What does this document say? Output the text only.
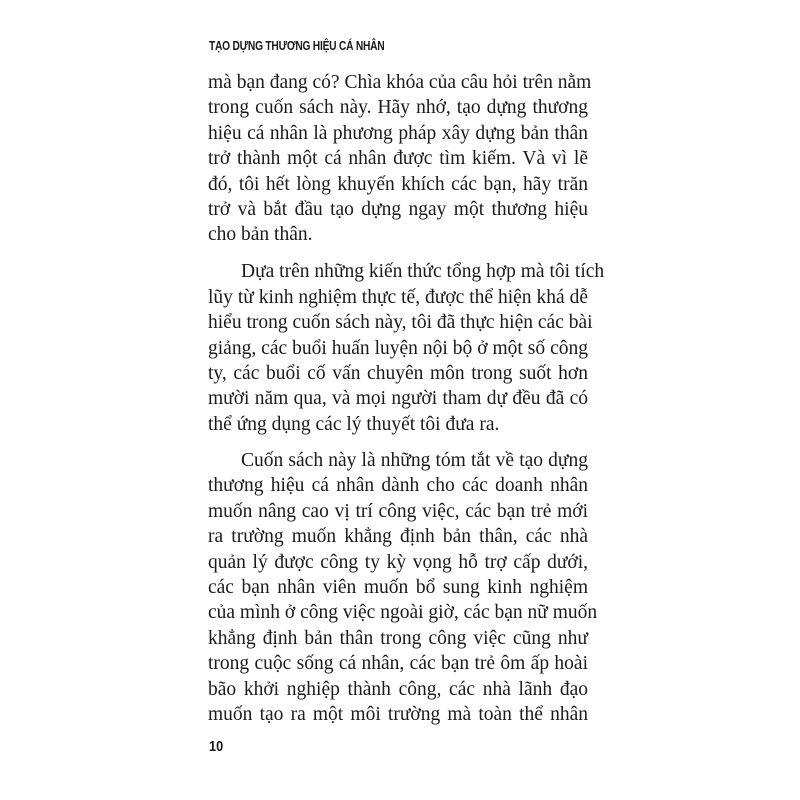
TẠO DỰNG THƯƠNG HIỆU CÁ NHÂN
mà bạn đang có? Chìa khóa của câu hỏi trên nằm
trong cuốn sách này. Hãy nhớ, tạo dựng thương
hiệu cá nhân là phương pháp xây dựng bản thân
trở thành một cá nhân được tìm kiếm. Và vì lẽ
đó, tôi hết lòng khuyến khích các bạn, hãy trăn
trở và bắt đầu tạo dựng ngay một thương hiệu
cho bản thân.
Dựa trên những kiến thức tổng hợp mà tôi tích
lũy từ kinh nghiệm thực tế, được thể hiện khá dễ
hiểu trong cuốn sách này, tôi đã thực hiện các bài
giảng, các buổi huấn luyện nội bộ ở một số công
ty, các buổi cố vấn chuyên môn trong suốt hơn
mười năm qua, và mọi người tham dự đều đã có
thể ứng dụng các lý thuyết tôi đưa ra.
Cuốn sách này là những tóm tắt về tạo dựng
thương hiệu cá nhân dành cho các doanh nhân
muốn nâng cao vị trí công việc, các bạn trẻ mới
ra trường muốn khẳng định bản thân, các nhà
quản lý được công ty kỳ vọng hỗ trợ cấp dưới,
các bạn nhân viên muốn bổ sung kinh nghiệm
của mình ở công việc ngoài giờ, các bạn nữ muốn
khẳng định bản thân trong công việc cũng như
trong cuộc sống cá nhân, các bạn trẻ ôm ấp hoài
bão khởi nghiệp thành công, các nhà lãnh đạo
muốn tạo ra một môi trường mà toàn thể nhân
10
